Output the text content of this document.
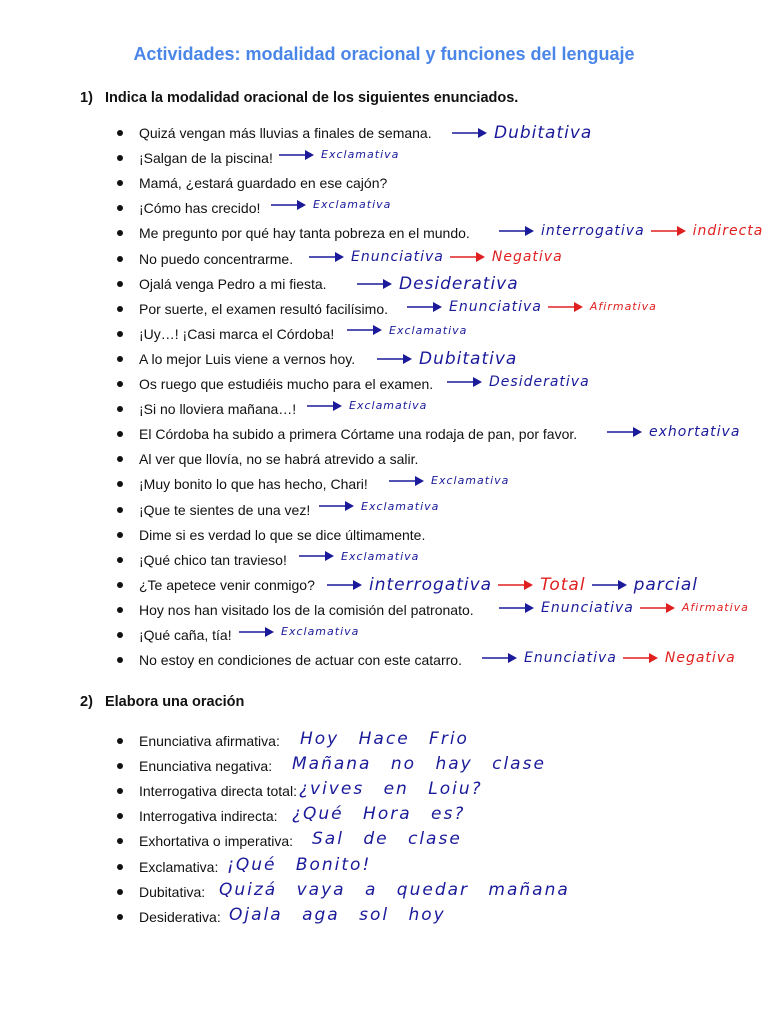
Actividades: modalidad oracional y funciones del lenguaje
1)   Indica la modalidad oracional de los siguientes enunciados.
Quizá vengan más lluvias a finales de semana.	Dubitativa
¡Salgan de la piscina!	Exclamativa
Mamá, ¿estará guardado en ese cajón?
¡Cómo has crecido!	Exclamativa
Me pregunto por qué hay tanta pobreza en el mundo.	interrogativa	indirecta
No puedo concentrarme.	Enunciativa	Negativa
Ojalá venga Pedro a mi fiesta.	Desiderativa
Por suerte, el examen resultó facilísimo.	Enunciativa	Afirmativa
¡Uy…! ¡Casi marca el Córdoba!	Exclamativa
A lo mejor Luis viene a vernos hoy.	Dubitativa
Os ruego que estudiéis mucho para el examen.	Desiderativa
¡Si no lloviera mañana…!	Exclamativa
El Córdoba ha subido a primera Córtame una rodaja de pan, por favor.	exhortativa
Al ver que llovía, no se habrá atrevido a salir.
¡Muy bonito lo que has hecho, Chari!	Exclamativa
¡Que te sientes de una vez!	Exclamativa
Dime si es verdad lo que se dice últimamente.
¡Qué chico tan travieso!	Exclamativa
¿Te apetece venir conmigo?	interrogativa	Total	parcial
Hoy nos han visitado los de la comisión del patronato.	Enunciativa	Afirmativa
¡Qué caña, tía!	Exclamativa
No estoy en condiciones de actuar con este catarro.	Enunciativa	Negativa
2)   Elabora una oración
Enunciativa afirmativa: Hoy Hace Frio
Enunciativa negativa: Mañana no hay clase
Interrogativa directa total: ¿vives en Loiu?
Interrogativa indirecta: ¿Qué Hora es?
Exhortativa o imperativa: Sal de clase
Exclamativa: ¡Qué Bonito!
Dubitativa: Quizá vaya a quedar mañana
Desiderativa: Ojala aga sol hoy
